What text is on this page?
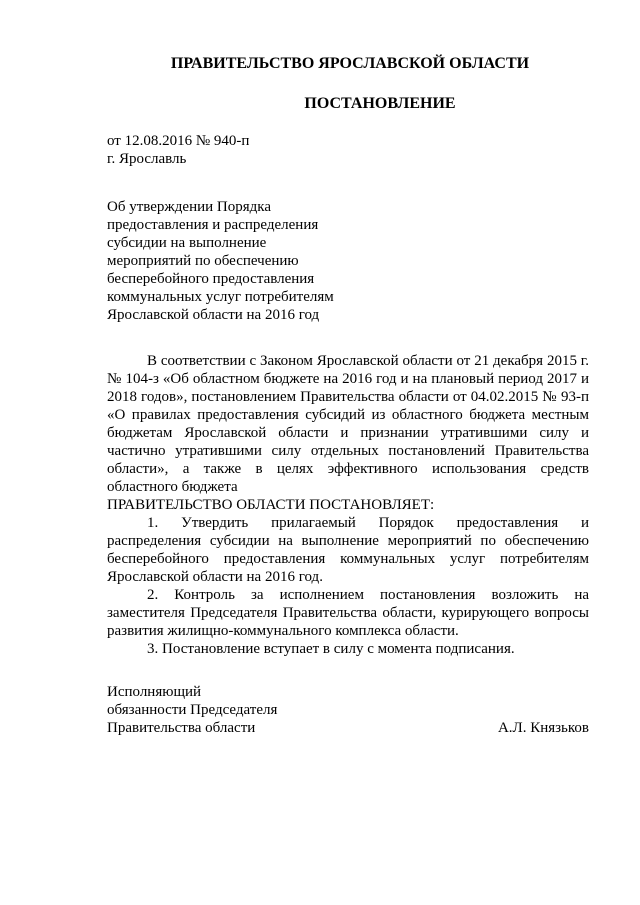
ПРАВИТЕЛЬСТВО ЯРОСЛАВСКОЙ ОБЛАСТИ
ПОСТАНОВЛЕНИЕ
от 12.08.2016 № 940-п
г. Ярославль
Об утверждении Порядка
предоставления и распределения
субсидии на выполнение
мероприятий по обеспечению
бесперебойного предоставления
коммунальных услуг потребителям
Ярославской области на 2016 год

В соответствии с Законом Ярославской области от 21 декабря 2015 г. № 104-з «Об областном бюджете на 2016 год и на плановый период 2017 и 2018 годов», постановлением Правительства области от 04.02.2015 № 93-п «О правилах предоставления субсидий из областного бюджета местным бюджетам Ярославской области и признании утратившими силу и частично утратившими силу отдельных постановлений Правительства области», а также в целях эффективного использования средств областного бюджета

ПРАВИТЕЛЬСТВО ОБЛАСТИ ПОСТАНОВЛЯЕТ:

1. Утвердить прилагаемый Порядок предоставления и распределения субсидии на выполнение мероприятий по обеспечению бесперебойного предоставления коммунальных услуг потребителям Ярославской области на 2016 год.

2. Контроль за исполнением постановления возложить на заместителя Председателя Правительства области, курирующего вопросы развития жилищно-коммунального комплекса области.

3. Постановление вступает в силу с момента подписания.

Исполняющий
обязанности Председателя
Правительства области	А.Л. Князьков
